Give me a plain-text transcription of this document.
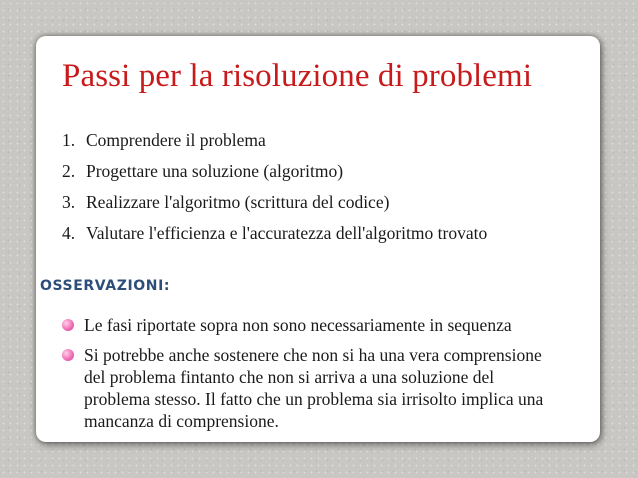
Passi per la risoluzione di problemi
1. Comprendere il problema
2. Progettare una soluzione (algoritmo)
3. Realizzare l'algoritmo (scrittura del codice)
4. Valutare l'efficienza e l'accuratezza dell'algoritmo trovato
OSSERVAZIONI:
Le fasi riportate sopra non sono necessariamente in sequenza
Si potrebbe anche sostenere che non si ha una vera comprensione del problema fintanto che non si arriva a una soluzione del problema stesso. Il fatto che un problema sia irrisolto implica una mancanza di comprensione.
